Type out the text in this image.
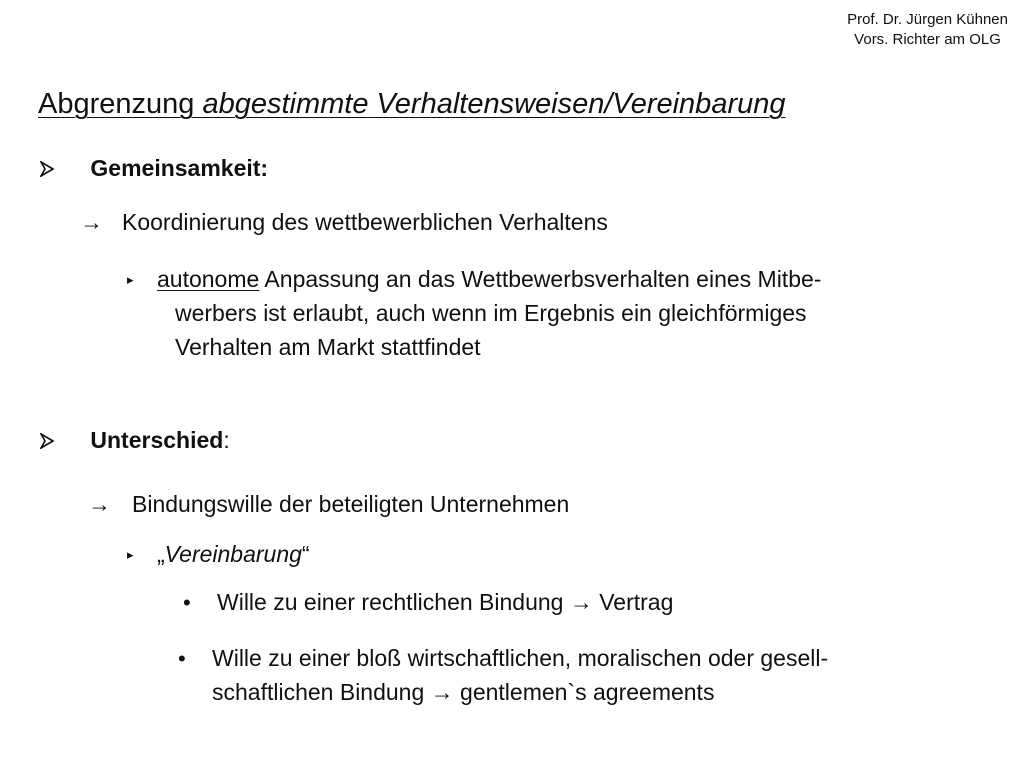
Prof. Dr. Jürgen Kühnen
Vors. Richter am OLG
Abgrenzung abgestimmte Verhaltensweisen/Vereinbarung
Gemeinsamkeit:
→ Koordinierung des wettbewerblichen Verhaltens
▸ autonome Anpassung an das Wettbewerbsverhalten eines Mitbe-
werbers ist erlaubt, auch wenn im Ergebnis ein gleichförmiges
Verhalten am Markt stattfindet
Unterschied:
→ Bindungswille der beteiligten Unternehmen
▸ „Vereinbarung“
• Wille zu einer rechtlichen Bindung → Vertrag
• Wille zu einer bloß wirtschaftlichen, moralischen oder gesell-
schaftlichen Bindung → gentlemen`s agreements
